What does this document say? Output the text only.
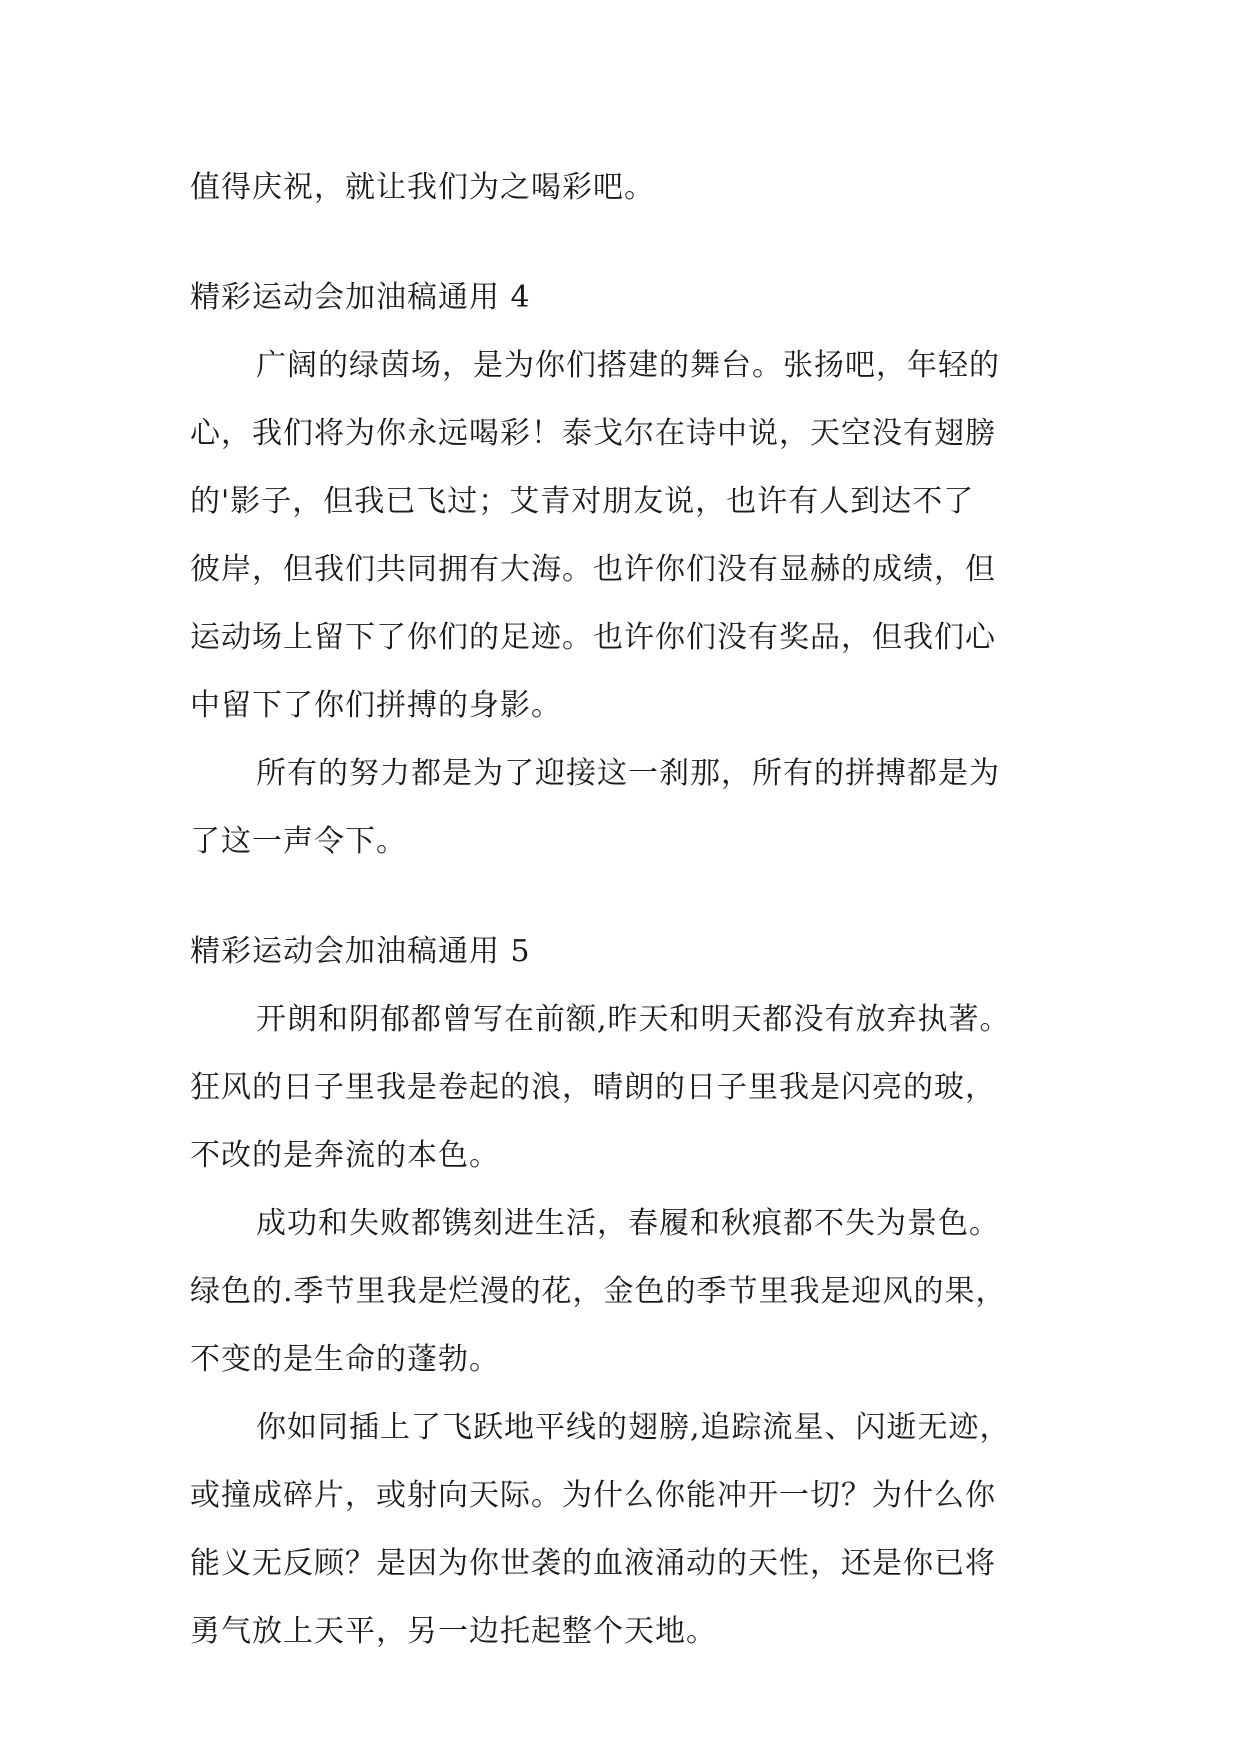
值得庆祝，就让我们为之喝彩吧。
精彩运动会加油稿通用 4
广阔的绿茵场，是为你们搭建的舞台。张扬吧，年轻的
心，我们将为你永远喝彩！泰戈尔在诗中说，天空没有翅膀
的'影子，但我已飞过；艾青对朋友说，也许有人到达不了
彼岸，但我们共同拥有大海。也许你们没有显赫的成绩，但
运动场上留下了你们的足迹。也许你们没有奖品，但我们心
中留下了你们拼搏的身影。
所有的努力都是为了迎接这一刹那，所有的拼搏都是为
了这一声令下。
精彩运动会加油稿通用 5
开朗和阴郁都曾写在前额,昨天和明天都没有放弃执著。
狂风的日子里我是卷起的浪，晴朗的日子里我是闪亮的玻，
不改的是奔流的本色。
成功和失败都镌刻进生活，春履和秋痕都不失为景色。
绿色的.季节里我是烂漫的花，金色的季节里我是迎风的果，
不变的是生命的蓬勃。
你如同插上了飞跃地平线的翅膀,追踪流星、闪逝无迹，
或撞成碎片，或射向天际。为什么你能冲开一切？为什么你
能义无反顾？是因为你世袭的血液涌动的天性，还是你已将
勇气放上天平，另一边托起整个天地。
